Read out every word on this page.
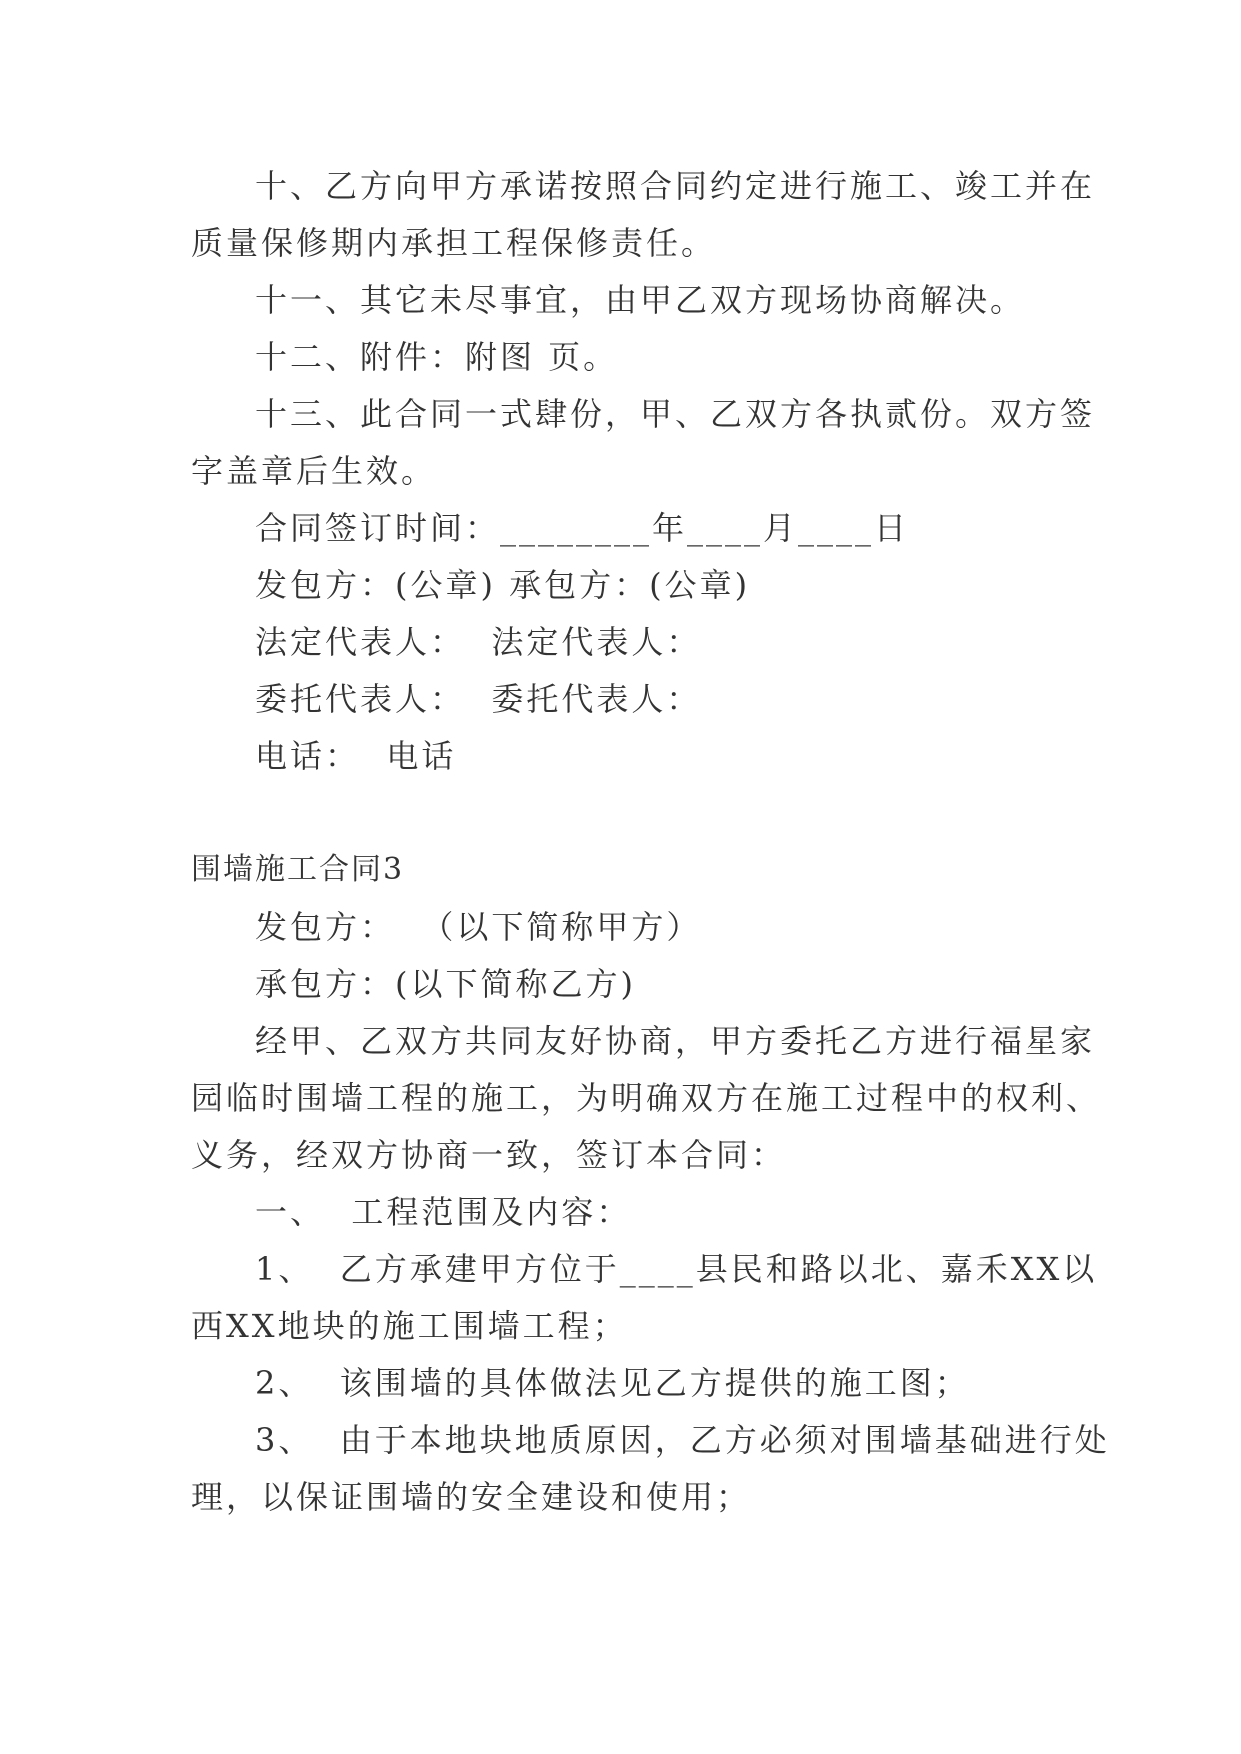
十、乙方向甲方承诺按照合同约定进行施工、竣工并在
质量保修期内承担工程保修责任。
十一、其它未尽事宜，由甲乙双方现场协商解决。
十二、附件：附图 页。
十三、此合同一式肆份，甲、乙双方各执贰份。双方签
字盖章后生效。
合同签订时间：________年____月____日
发包方：(公章) 承包方：(公章)
法定代表人：  法定代表人：
委托代表人：  委托代表人：
电话：  电话
围墙施工合同3
发包方：  （以下简称甲方）
承包方：(以下简称乙方)
经甲、乙双方共同友好协商，甲方委托乙方进行福星家
园临时围墙工程的施工，为明确双方在施工过程中的权利、
义务，经双方协商一致，签订本合同：
一、  工程范围及内容：
1、  乙方承建甲方位于____县民和路以北、嘉禾XX以
西XX地块的施工围墙工程；
2、  该围墙的具体做法见乙方提供的施工图；
3、  由于本地块地质原因，乙方必须对围墙基础进行处
理，以保证围墙的安全建设和使用；
